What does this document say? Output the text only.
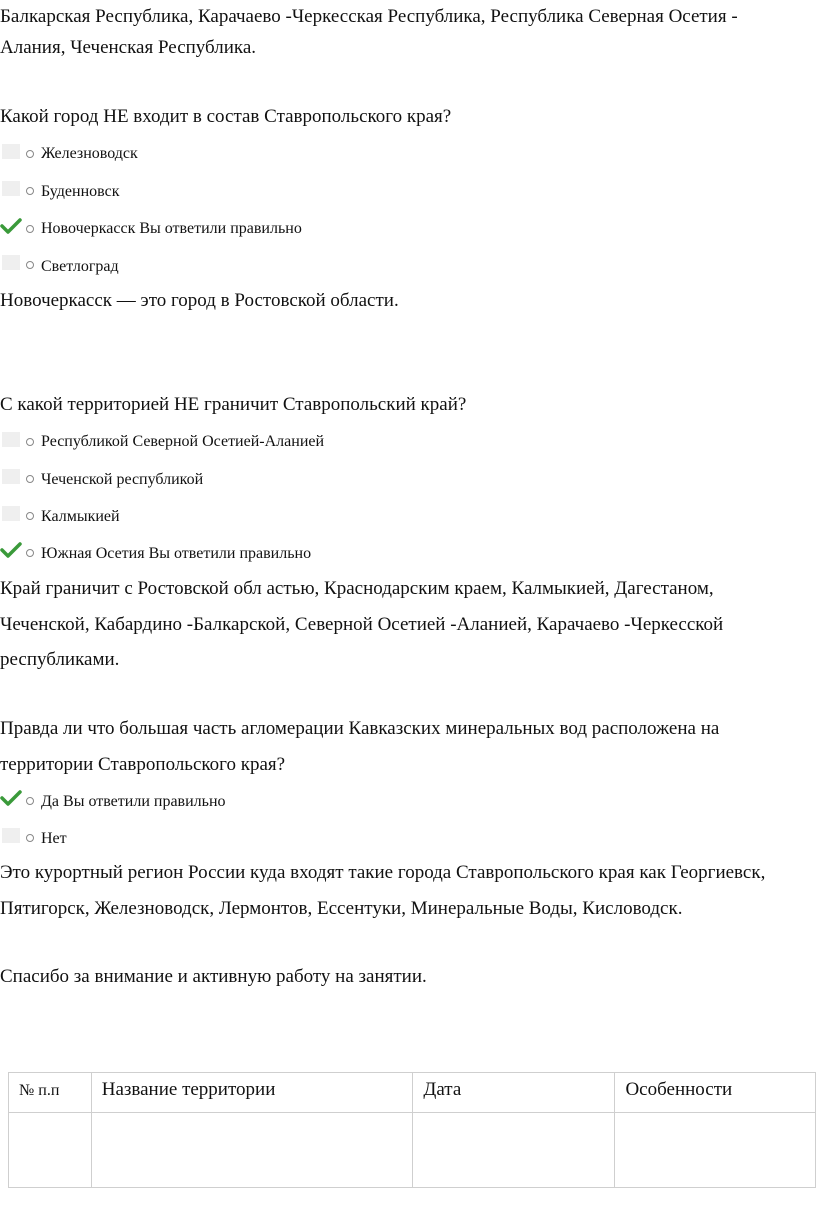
Балкарская Республика, Карачаево -Черкесская Республика, Республика Северная Осетия -
Алания, Чеченская Республика.
Какой город НЕ входит в состав Ставропольского края?
Железноводск
Буденновск
Новочеркасск Вы ответили правильно
Светлоград
Новочеркасск — это город в Ростовской области.
С какой территорией НЕ граничит Ставропольский край?
Республикой Северной Осетией-Аланией
Чеченской республикой
Калмыкией
Южная Осетия Вы ответили правильно
Край граничит с Ростовской обл астью, Краснодарским краем, Калмыкией, Дагестаном,
Чеченской, Кабардино -Балкарской, Северной Осетией -Аланией, Карачаево -Черкесской
республиками.
Правда ли что большая часть агломерации Кавказских минеральных вод расположена на
территории Ставропольского края?
Да Вы ответили правильно
Нет
Это курортный регион России куда входят такие города Ставропольского края как Георгиевск,
Пятигорск, Железноводск, Лермонтов, Ессентуки, Минеральные Воды, Кисловодск.
Спасибо за внимание и активную работу на занятии.
№ п.п	Название территории	Дата	Особенности
